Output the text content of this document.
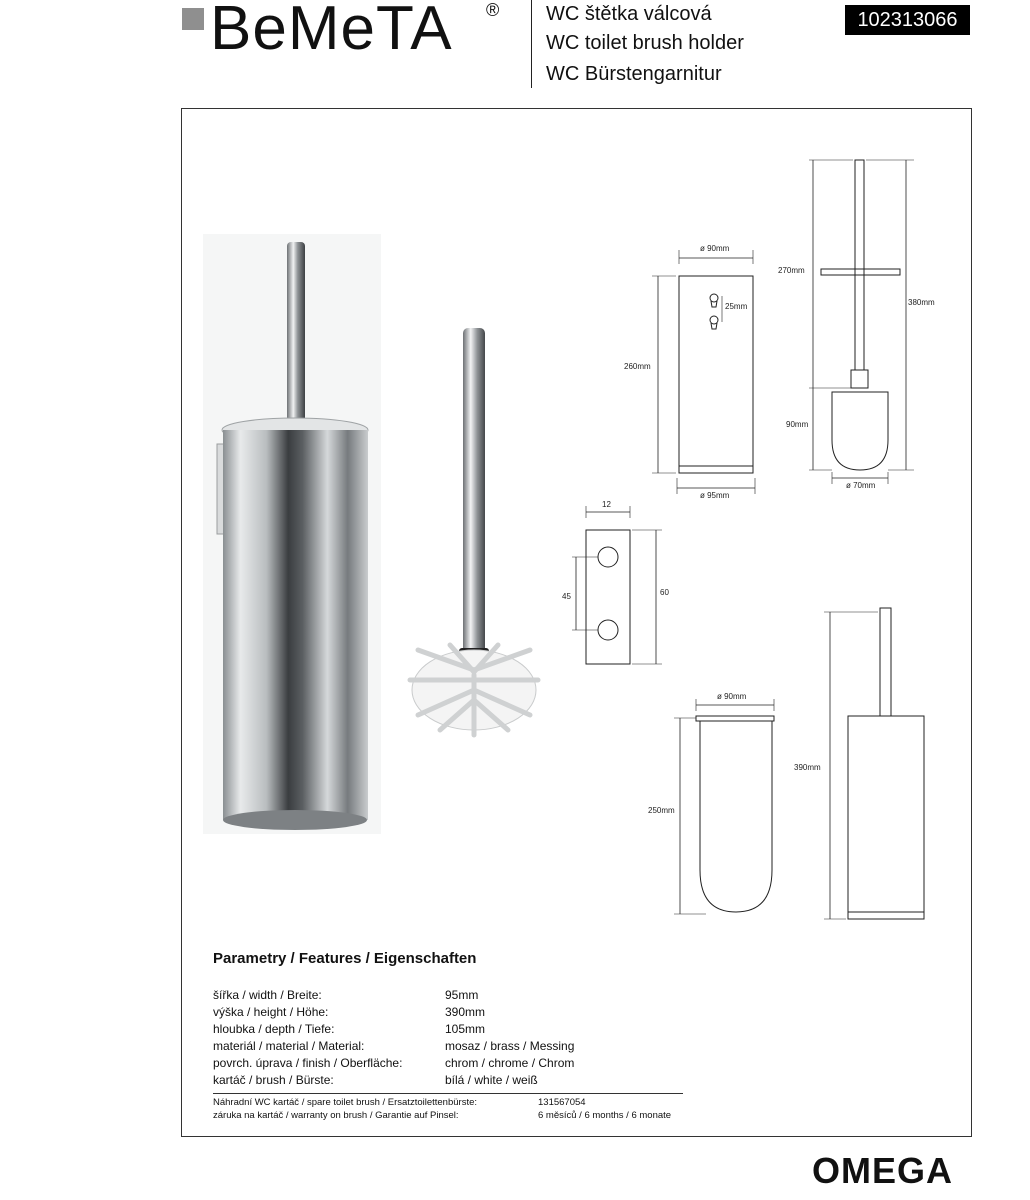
BeMeTA ® WC štětka válcová
WC toilet brush holder
WC Bürstengarnitur
102313066
ø 90mm
25mm
260mm
ø 95mm
270mm
380mm
90mm
ø 70mm
12
45	60
ø 90mm
250mm
390mm
Parametry / Features / Eigenschaften
šířka / width / Breite:	95mm
výška / height / Höhe:	390mm
hloubka / depth / Tiefe:	105mm
materiál / material / Material:	mosaz / brass / Messing
povrch. úprava / finish / Oberfläche:	chrom / chrome / Chrom
kartáč / brush / Bürste:	bílá / white / weiß
Náhradní WC kartáč / spare toilet brush / Ersatztoilettenbürste:	131567054
záruka na kartáč / warranty on brush / Garantie auf Pinsel:	6 měsíců / 6 months / 6 monate
OMEGA
